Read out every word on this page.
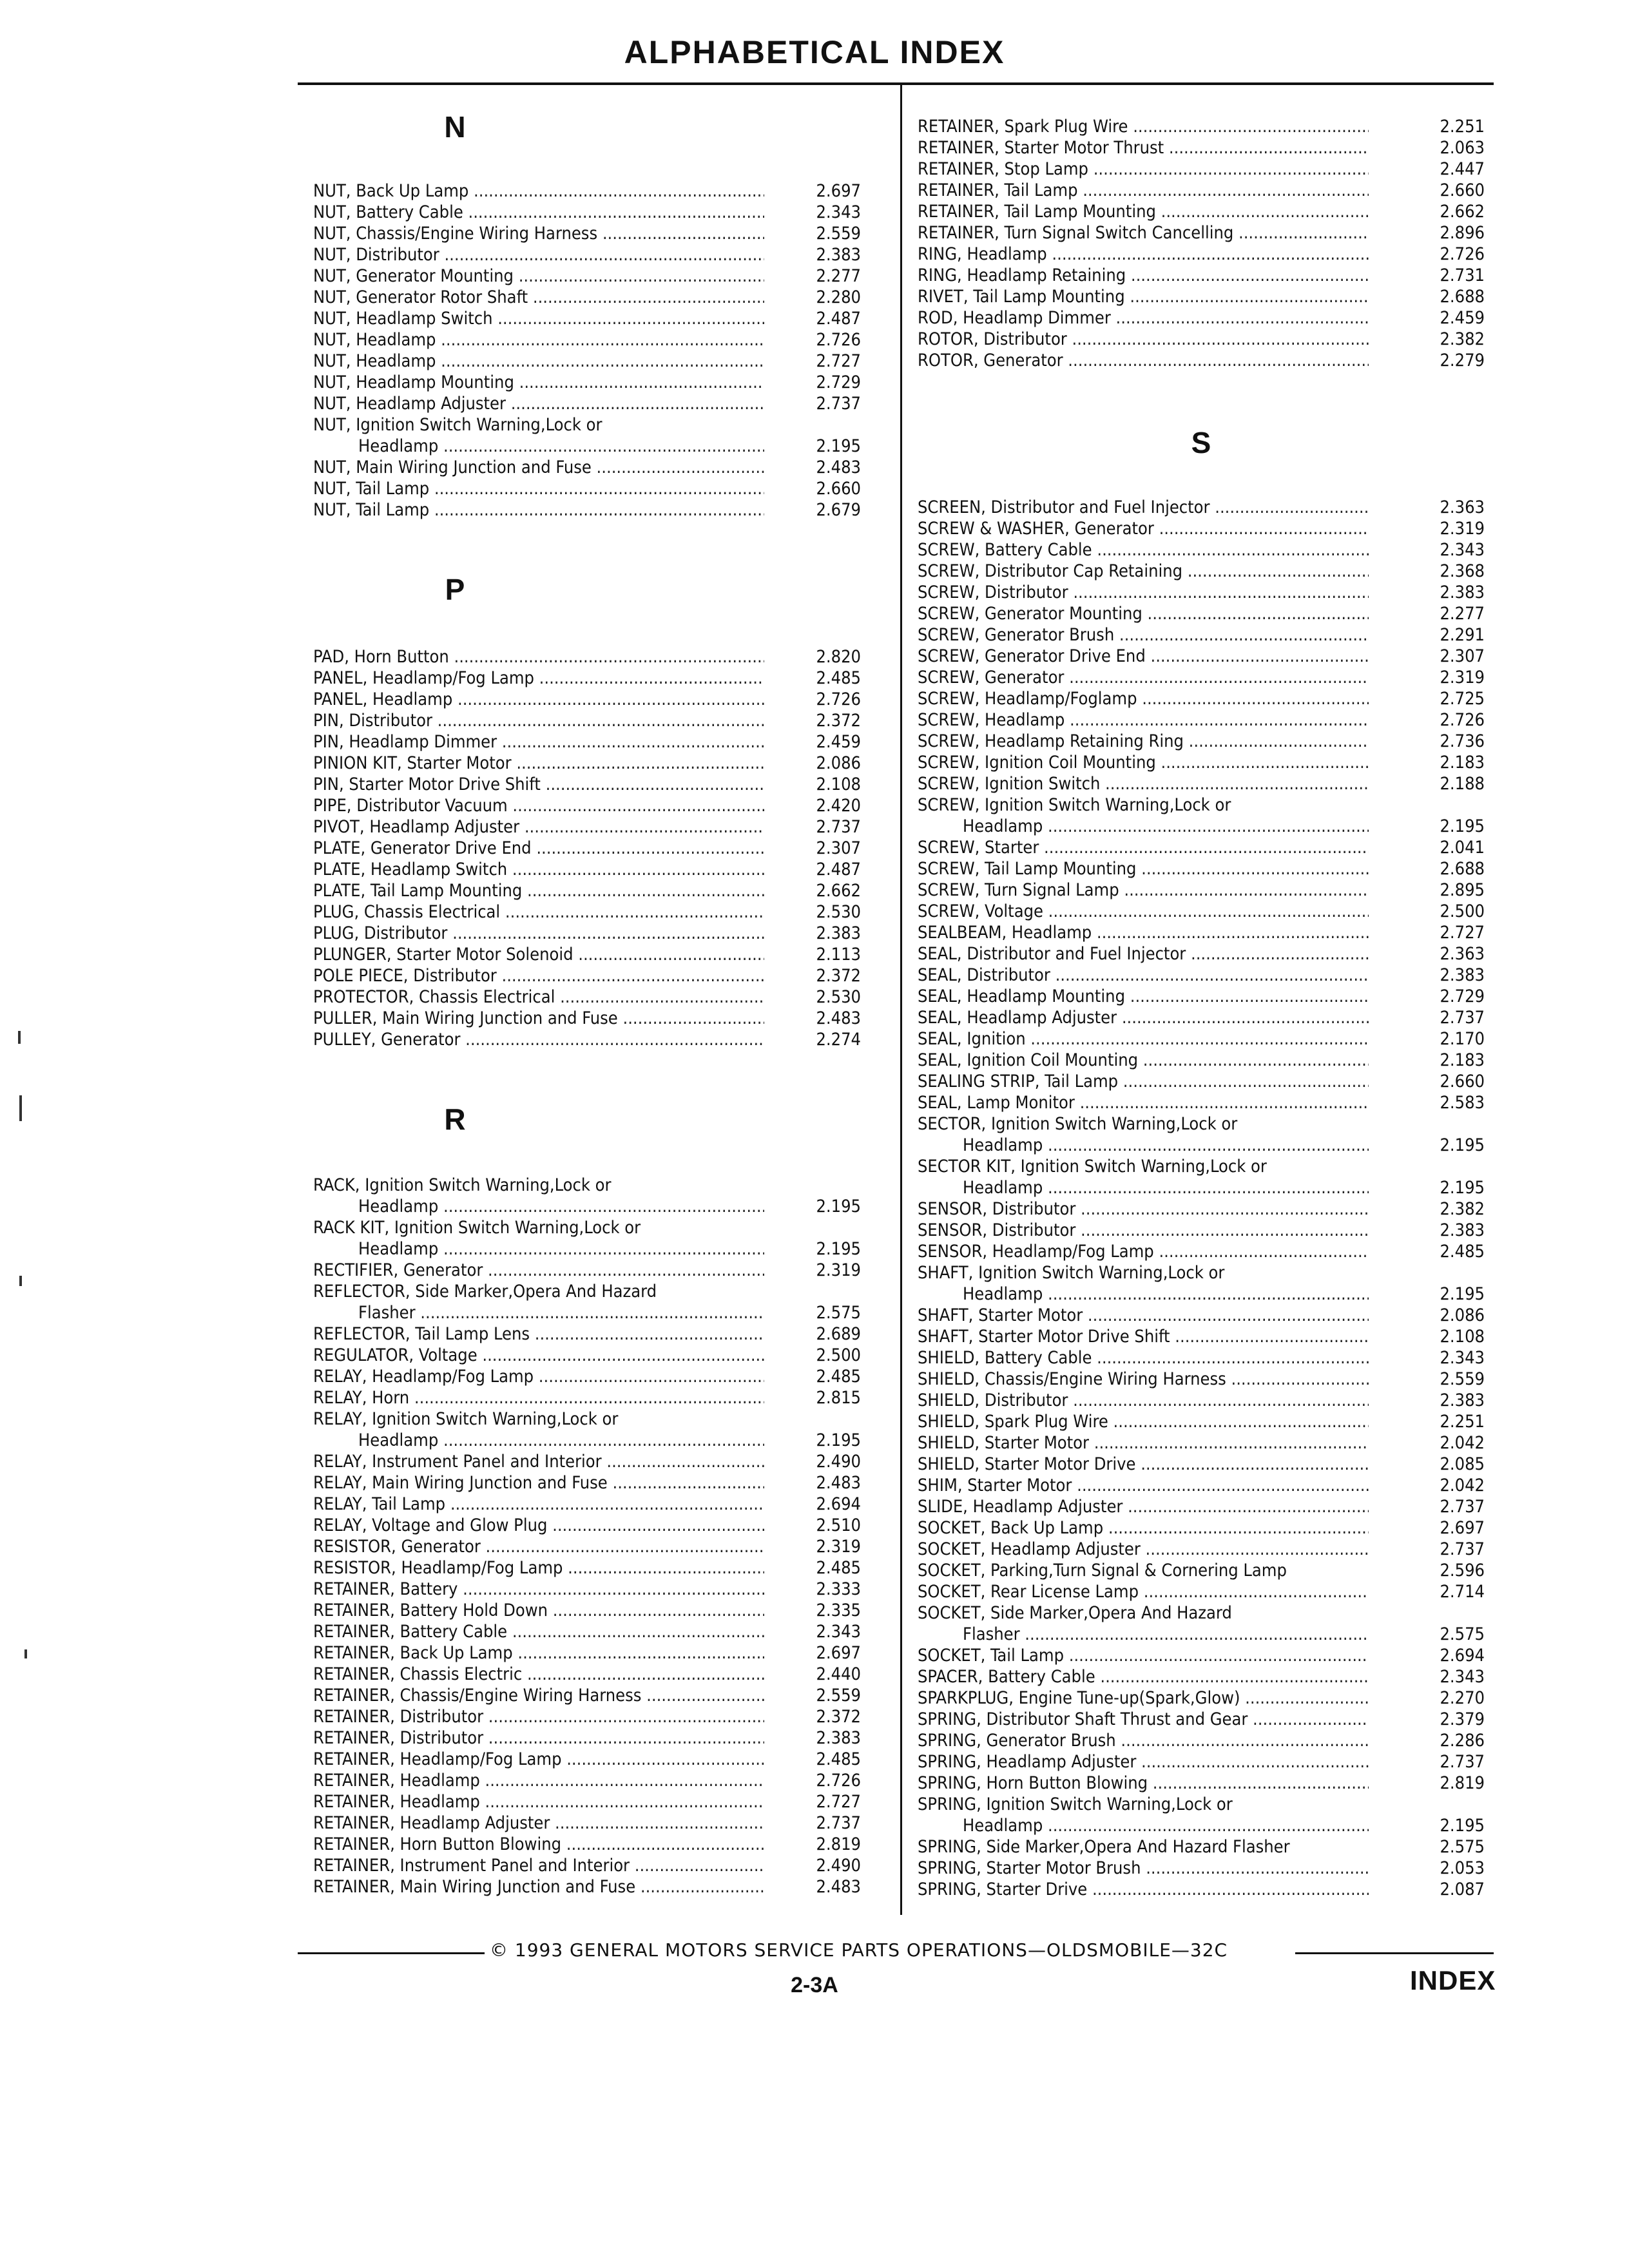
ALPHABETICAL INDEX
N
NUT, Back Up Lamp .....	2.697
NUT, Battery Cable .....	2.343
NUT, Chassis/Engine Wiring Harness .....	2.559
NUT, Distributor .....	2.383
NUT, Generator Mounting .....	2.277
NUT, Generator Rotor Shaft .....	2.280
NUT, Headlamp Switch .....	2.487
NUT, Headlamp .....	2.726
NUT, Headlamp .....	2.727
NUT, Headlamp Mounting .....	2.729
NUT, Headlamp Adjuster .....	2.737
NUT, Ignition Switch Warning,Lock or
Headlamp .....	2.195
NUT, Main Wiring Junction and Fuse .....	2.483
NUT, Tail Lamp .....	2.660
NUT, Tail Lamp .....	2.679
P
PAD, Horn Button .....	2.820
PANEL, Headlamp/Fog Lamp .....	2.485
PANEL, Headlamp .....	2.726
PIN, Distributor .....	2.372
PIN, Headlamp Dimmer .....	2.459
PINION KIT, Starter Motor .....	2.086
PIN, Starter Motor Drive Shift .....	2.108
PIPE, Distributor Vacuum .....	2.420
PIVOT, Headlamp Adjuster .....	2.737
PLATE, Generator Drive End .....	2.307
PLATE, Headlamp Switch .....	2.487
PLATE, Tail Lamp Mounting .....	2.662
PLUG, Chassis Electrical .....	2.530
PLUG, Distributor .....	2.383
PLUNGER, Starter Motor Solenoid .....	2.113
POLE PIECE, Distributor .....	2.372
PROTECTOR, Chassis Electrical .....	2.530
PULLER, Main Wiring Junction and Fuse .....	2.483
PULLEY, Generator .....	2.274
R
RACK, Ignition Switch Warning,Lock or
Headlamp .....	2.195
RACK KIT, Ignition Switch Warning,Lock or
Headlamp .....	2.195
RECTIFIER, Generator .....	2.319
REFLECTOR, Side Marker,Opera And Hazard
Flasher .....	2.575
REFLECTOR, Tail Lamp Lens .....	2.689
REGULATOR, Voltage .....	2.500
RELAY, Headlamp/Fog Lamp .....	2.485
RELAY, Horn .....	2.815
RELAY, Ignition Switch Warning,Lock or
Headlamp .....	2.195
RELAY, Instrument Panel and Interior .....	2.490
RELAY, Main Wiring Junction and Fuse .....	2.483
RELAY, Tail Lamp .....	2.694
RELAY, Voltage and Glow Plug .....	2.510
RESISTOR, Generator .....	2.319
RESISTOR, Headlamp/Fog Lamp .....	2.485
RETAINER, Battery .....	2.333
RETAINER, Battery Hold Down .....	2.335
RETAINER, Battery Cable .....	2.343
RETAINER, Back Up Lamp .....	2.697
RETAINER, Chassis Electric .....	2.440
RETAINER, Chassis/Engine Wiring Harness .....	2.559
RETAINER, Distributor .....	2.372
RETAINER, Distributor .....	2.383
RETAINER, Headlamp/Fog Lamp .....	2.485
RETAINER, Headlamp .....	2.726
RETAINER, Headlamp .....	2.727
RETAINER, Headlamp Adjuster .....	2.737
RETAINER, Horn Button Blowing .....	2.819
RETAINER, Instrument Panel and Interior .....	2.490
RETAINER, Main Wiring Junction and Fuse .....	2.483
RETAINER, Spark Plug Wire .....	2.251
RETAINER, Starter Motor Thrust .....	2.063
RETAINER, Stop Lamp .....	2.447
RETAINER, Tail Lamp .....	2.660
RETAINER, Tail Lamp Mounting .....	2.662
RETAINER, Turn Signal Switch Cancelling .....	2.896
RING, Headlamp .....	2.726
RING, Headlamp Retaining .....	2.731
RIVET, Tail Lamp Mounting .....	2.688
ROD, Headlamp Dimmer .....	2.459
ROTOR, Distributor .....	2.382
ROTOR, Generator .....	2.279
S
SCREEN, Distributor and Fuel Injector .....	2.363
SCREW & WASHER, Generator .....	2.319
SCREW, Battery Cable .....	2.343
SCREW, Distributor Cap Retaining .....	2.368
SCREW, Distributor .....	2.383
SCREW, Generator Mounting .....	2.277
SCREW, Generator Brush .....	2.291
SCREW, Generator Drive End .....	2.307
SCREW, Generator .....	2.319
SCREW, Headlamp/Foglamp .....	2.725
SCREW, Headlamp .....	2.726
SCREW, Headlamp Retaining Ring .....	2.736
SCREW, Ignition Coil Mounting .....	2.183
SCREW, Ignition Switch .....	2.188
SCREW, Ignition Switch Warning,Lock or
Headlamp .....	2.195
SCREW, Starter .....	2.041
SCREW, Tail Lamp Mounting .....	2.688
SCREW, Turn Signal Lamp .....	2.895
SCREW, Voltage .....	2.500
SEALBEAM, Headlamp .....	2.727
SEAL, Distributor and Fuel Injector .....	2.363
SEAL, Distributor .....	2.383
SEAL, Headlamp Mounting .....	2.729
SEAL, Headlamp Adjuster .....	2.737
SEAL, Ignition .....	2.170
SEAL, Ignition Coil Mounting .....	2.183
SEALING STRIP, Tail Lamp .....	2.660
SEAL, Lamp Monitor .....	2.583
SECTOR, Ignition Switch Warning,Lock or
Headlamp .....	2.195
SECTOR KIT, Ignition Switch Warning,Lock or
Headlamp .....	2.195
SENSOR, Distributor .....	2.382
SENSOR, Distributor .....	2.383
SENSOR, Headlamp/Fog Lamp .....	2.485
SHAFT, Ignition Switch Warning,Lock or
Headlamp .....	2.195
SHAFT, Starter Motor .....	2.086
SHAFT, Starter Motor Drive Shift .....	2.108
SHIELD, Battery Cable .....	2.343
SHIELD, Chassis/Engine Wiring Harness .....	2.559
SHIELD, Distributor .....	2.383
SHIELD, Spark Plug Wire .....	2.251
SHIELD, Starter Motor .....	2.042
SHIELD, Starter Motor Drive .....	2.085
SHIM, Starter Motor .....	2.042
SLIDE, Headlamp Adjuster .....	2.737
SOCKET, Back Up Lamp .....	2.697
SOCKET, Headlamp Adjuster .....	2.737
SOCKET, Parking,Turn Signal & Cornering Lamp	2.596
SOCKET, Rear License Lamp .....	2.714
SOCKET, Side Marker,Opera And Hazard
Flasher .....	2.575
SOCKET, Tail Lamp .....	2.694
SPACER, Battery Cable .....	2.343
SPARKPLUG, Engine Tune-up(Spark,Glow) .....	2.270
SPRING, Distributor Shaft Thrust and Gear .....	2.379
SPRING, Generator Brush .....	2.286
SPRING, Headlamp Adjuster .....	2.737
SPRING, Horn Button Blowing .....	2.819
SPRING, Ignition Switch Warning,Lock or
Headlamp .....	2.195
SPRING, Side Marker,Opera And Hazard Flasher	2.575
SPRING, Starter Motor Brush .....	2.053
SPRING, Starter Drive .....	2.087
© 1993 GENERAL MOTORS SERVICE PARTS OPERATIONS—OLDSMOBILE—32C
2-3A	INDEX
